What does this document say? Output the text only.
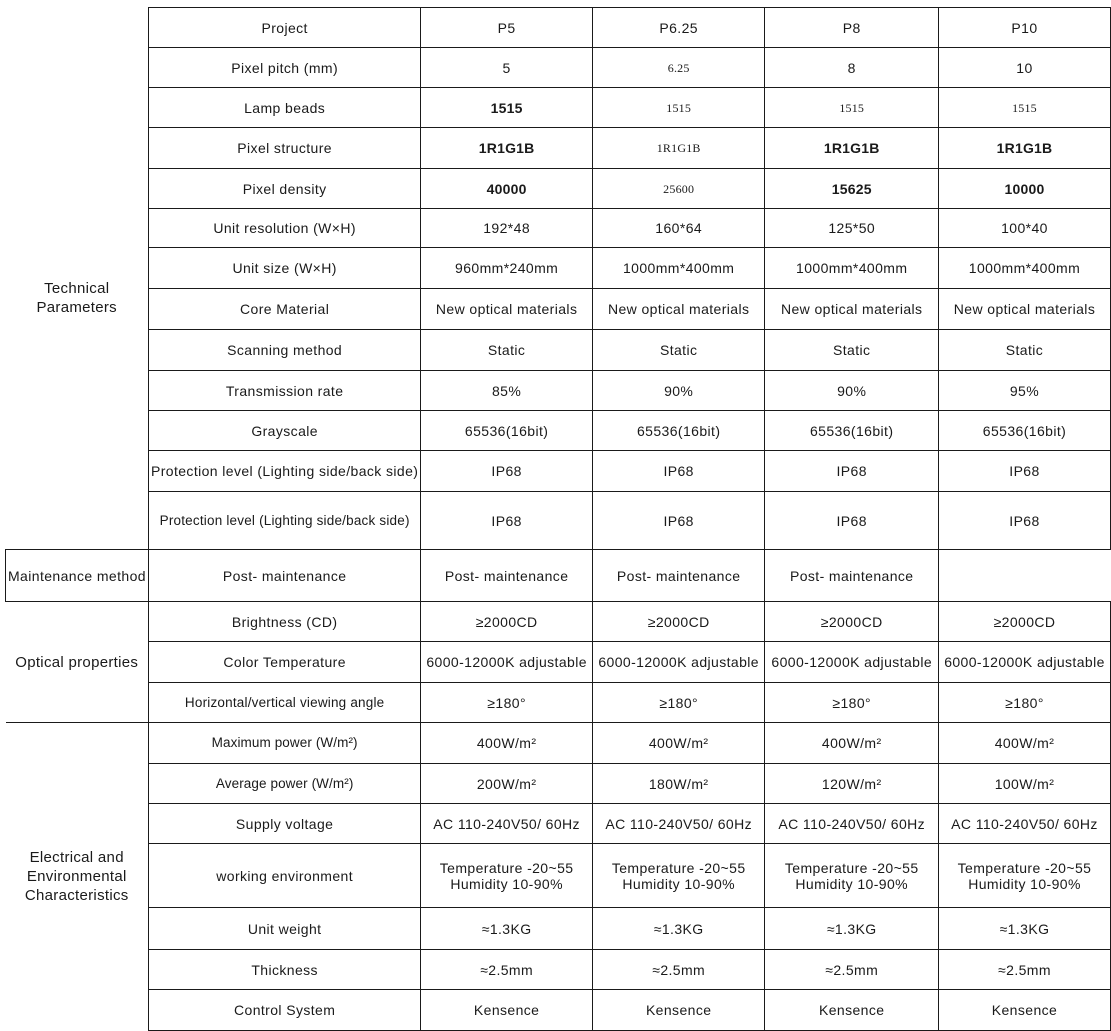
	Project	P5	P6.25	P8	P10
Technical Parameters	Pixel pitch (mm)	5	6.25	8	10
	Lamp beads	1515	1515	1515	1515
	Pixel structure	1R1G1B	1R1G1B	1R1G1B	1R1G1B
	Pixel density	40000	25600	15625	10000
	Unit resolution (W×H)	192*48	160*64	125*50	100*40
	Unit size (W×H)	960mm*240mm	1000mm*400mm	1000mm*400mm	1000mm*400mm
	Core Material	New optical materials	New optical materials	New optical materials	New optical materials
	Scanning method	Static	Static	Static	Static
	Transmission rate	85%	90%	90%	95%
	Grayscale	65536(16bit)	65536(16bit)	65536(16bit)	65536(16bit)
	Protection level (Lighting side/back side)	IP68	IP68	IP68	IP68
	Protection level (Lighting side/back side)	IP68	IP68	IP68	IP68
Maintenance method	Post- maintenance	Post- maintenance	Post- maintenance	Post- maintenance	
Optical properties	Brightness (CD)	≥2000CD	≥2000CD	≥2000CD	≥2000CD
	Color Temperature	6000-12000K adjustable	6000-12000K adjustable	6000-12000K adjustable	6000-12000K adjustable
	Horizontal/vertical viewing angle	≥180°	≥180°	≥180°	≥180°
Electrical and Environmental Characteristics	Maximum power (W/m²)	400W/m²	400W/m²	400W/m²	400W/m²
	Average power (W/m²)	200W/m²	180W/m²	120W/m²	100W/m²
	Supply voltage	AC 110-240V50/ 60Hz	AC 110-240V50/ 60Hz	AC 110-240V50/ 60Hz	AC 110-240V50/ 60Hz
	working environment	Temperature -20~55 Humidity 10-90%	Temperature -20~55 Humidity 10-90%	Temperature -20~55 Humidity 10-90%	Temperature -20~55 Humidity 10-90%
	Unit weight	≈1.3KG	≈1.3KG	≈1.3KG	≈1.3KG
	Thickness	≈2.5mm	≈2.5mm	≈2.5mm	≈2.5mm
	Control System	Kensence	Kensence	Kensence	Kensence
